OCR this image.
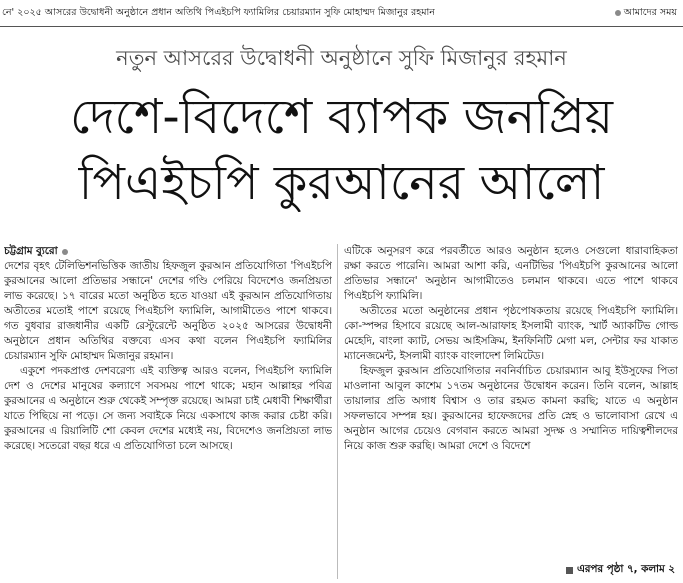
নে' ২০২৫ আসরের উদ্বোধনী অনুষ্ঠানে প্রধান অতিথি পিএইচপি ফ্যামিলির চেয়ারম্যান সুফি মোহাম্মদ মিজানুর রহমান	আমাদের সময়
নতুন আসরের উদ্বোধনী অনুষ্ঠানে সুফি মিজানুর রহমান
দেশে-বিদেশে ব্যাপক জনপ্রিয়
পিএইচপি কুরআনের আলো
চট্টগ্রাম ব্যুরো

দেশের বৃহৎ টেলিভিশনভিত্তিক জাতীয় হিফজুল কুরআন প্রতিযোগিতা 'পিএইচপি কুরআনের আলো প্রতিভার সন্ধানে' দেশের গণ্ডি পেরিয়ে বিদেশেও জনপ্রিয়তা লাভ করেছে। ১৭ বারের মতো অনুষ্ঠিত হতে যাওয়া এই কুরআন প্রতিযোগিতায় অতীতের মতোই পাশে রয়েছে পিএইচপি ফ্যামিলি, আগামীতেও পাশে থাকবে। গত বুধবার রাজধানীর একটি রেস্টুরেন্টে অনুষ্ঠিত ২০২৫ আসরের উদ্বোধনী অনুষ্ঠানে প্রধান অতিথির বক্তব্যে এসব কথা বলেন পিএইচপি ফ্যামিলির চেয়ারম্যান সুফি মোহাম্মদ মিজানুর রহমান।

একুশে পদকপ্রাপ্ত দেশবরেণ্য এই ব্যক্তিত্ব আরও বলেন, পিএইচপি ফ্যামিলি দেশ ও দেশের মানুষের কল্যাণে সবসময় পাশে থাকে; মহান আল্লাহর পবিত্র কুরআনের এ অনুষ্ঠানে শুরু থেকেই সম্পৃক্ত রয়েছে। আমরা চাই মেধাবী শিক্ষার্থীরা যাতে পিছিয়ে না পড়ে। সে জন্য সবাইকে নিয়ে একসাথে কাজ করার চেষ্টা করি। কুরআনের এ রিয়ালিটি শো কেবল দেশের মধ্যেই নয়, বিদেশেও জনপ্রিয়তা লাভ করেছে। সতেরো বছর ধরে এ প্রতিযোগিতা চলে আসছে।

এটিকে অনুসরণ করে পরবর্তীতে আরও অনুষ্ঠান হলেও সেগুলো ধারাবাহিকতা রক্ষা করতে পারেনি। আমরা আশা করি, এনটিভির 'পিএইচপি কুরআনের আলো প্রতিভার সন্ধানে' অনুষ্ঠান আগামীতেও চলমান থাকবে। এতে পাশে থাকবে পিএইচপি ফ্যামিলি।

অতীতের মতো অনুষ্ঠানের প্রধান পৃষ্ঠপোষকতায় রয়েছে পিএইচপি ফ্যামিলি। কো-স্পন্সর হিসাবে রয়েছে আল-আরাফাহ ইসলামী ব্যাংক, স্মার্ট অ্যাকটিভ গোল্ড মেহেদি, বাংলা ক্যাট, সেভয় আইসক্রিম, ইনফিনিটি মেগা মল, সেন্টার ফর যাকাত ম্যানেজমেন্ট, ইসলামী ব্যাংক বাংলাদেশ লিমিটেড।

হিফজুল কুরআন প্রতিযোগিতার নবনির্বাচিত চেয়ারম্যান আবু ইউসুফের পিতা মাওলানা আবুল কাশেম ১৭তম অনুষ্ঠানের উদ্বোধন করেন। তিনি বলেন, আল্লাহ তায়ালার প্রতি অগাধ বিশ্বাস ও তার রহমত কামনা করছি; যাতে এ অনুষ্ঠান সফলভাবে সম্পন্ন হয়। কুরআনের হাফেজদের প্রতি স্নেহ ও ভালোবাসা রেখে এ অনুষ্ঠান আগের চেয়েও বেগবান করতে আমরা সুদক্ষ ও সম্মানিত দায়িত্বশীলদের নিয়ে কাজ শুরু করছি। আমরা দেশে ও বিদেশে

এরপর পৃষ্ঠা ৭, কলাম ২
